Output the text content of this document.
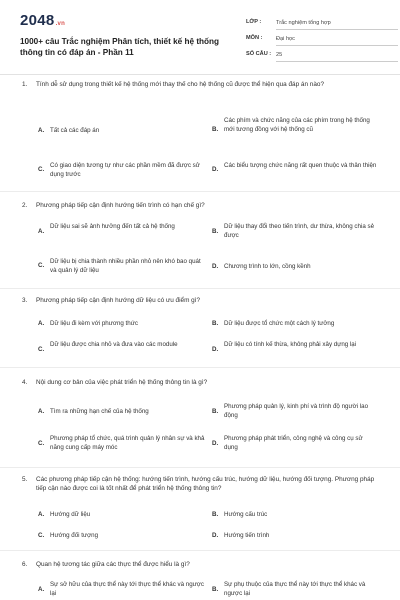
2048.vn
1000+ câu Trắc nghiệm Phân tích, thiết kế hệ thống thông tin có đáp án - Phần 11
LỚP :	Trắc nghiệm tổng hợp
MÔN : Đại học
SỐ CÂU : 25
1. Tính dễ sử dụng trong thiết kế hệ thống mới thay thế cho hệ thống cũ được thể hiện qua đáp án nào?
A. Tất cả các đáp án	B.
Các phím và chức năng của các phím trong hệ thống mới tương đồng với hệ thống cũ
C.
Có giao diện tương tự như các phần mềm đã được sử dụng trước
D.
Các biểu tượng chức năng rất quen thuộc và thân thiện
2. Phương pháp tiếp cận định hướng tiến trình có hạn chế gì?
A.
Dữ liệu sai sẽ ảnh hưởng đến tất cả hệ thống
B.
Dữ liệu thay đổi theo tiến trình, dư thừa, không chia sẻ được
C.
Dữ liệu bị chia thành nhiều phần nhỏ nên khó bao quát và quản lý dữ liệu
D. Chương trình to lớn, cồng kềnh
3. Phương pháp tiếp cận định hướng dữ liệu có ưu điểm gì?
A. Dữ liệu đi kèm với phương thức	B. Dữ liệu được tổ chức một cách lý tưởng
C.
Dữ liệu được chia nhỏ và đưa vào các module
D.
Dữ liệu có tính kế thừa, không phải xây dựng lại
4. Nội dung cơ bản của việc phát triển hệ thống thông tin là gì?
A. Tìm ra những hạn chế của hệ thống	B.
Phương pháp quản lý, kinh phí và trình độ người lao động
C.
Phương pháp tổ chức, quá trình quản lý nhân sự và khả năng cung cấp máy móc
D.
Phương pháp phát triển, công nghệ và công cụ sử dụng
5. Các phương pháp tiếp cận hệ thống: hướng tiến trình, hướng cấu trúc, hướng dữ liệu, hướng đối tượng. Phương pháp tiếp cận nào được coi là tốt nhất để phát triển hệ thống thông tin?
A. Hướng dữ liệu	B. Hướng cấu trúc
C. Hướng đối tượng	D. Hướng tiến trình
6. Quan hệ tương tác giữa các thực thể được hiểu là gì?
A.
Sự sở hữu của thực thể này tới thực thể khác và ngược lại
B.
Sự phụ thuộc của thực thể này tới thực thể khác và ngược lại
